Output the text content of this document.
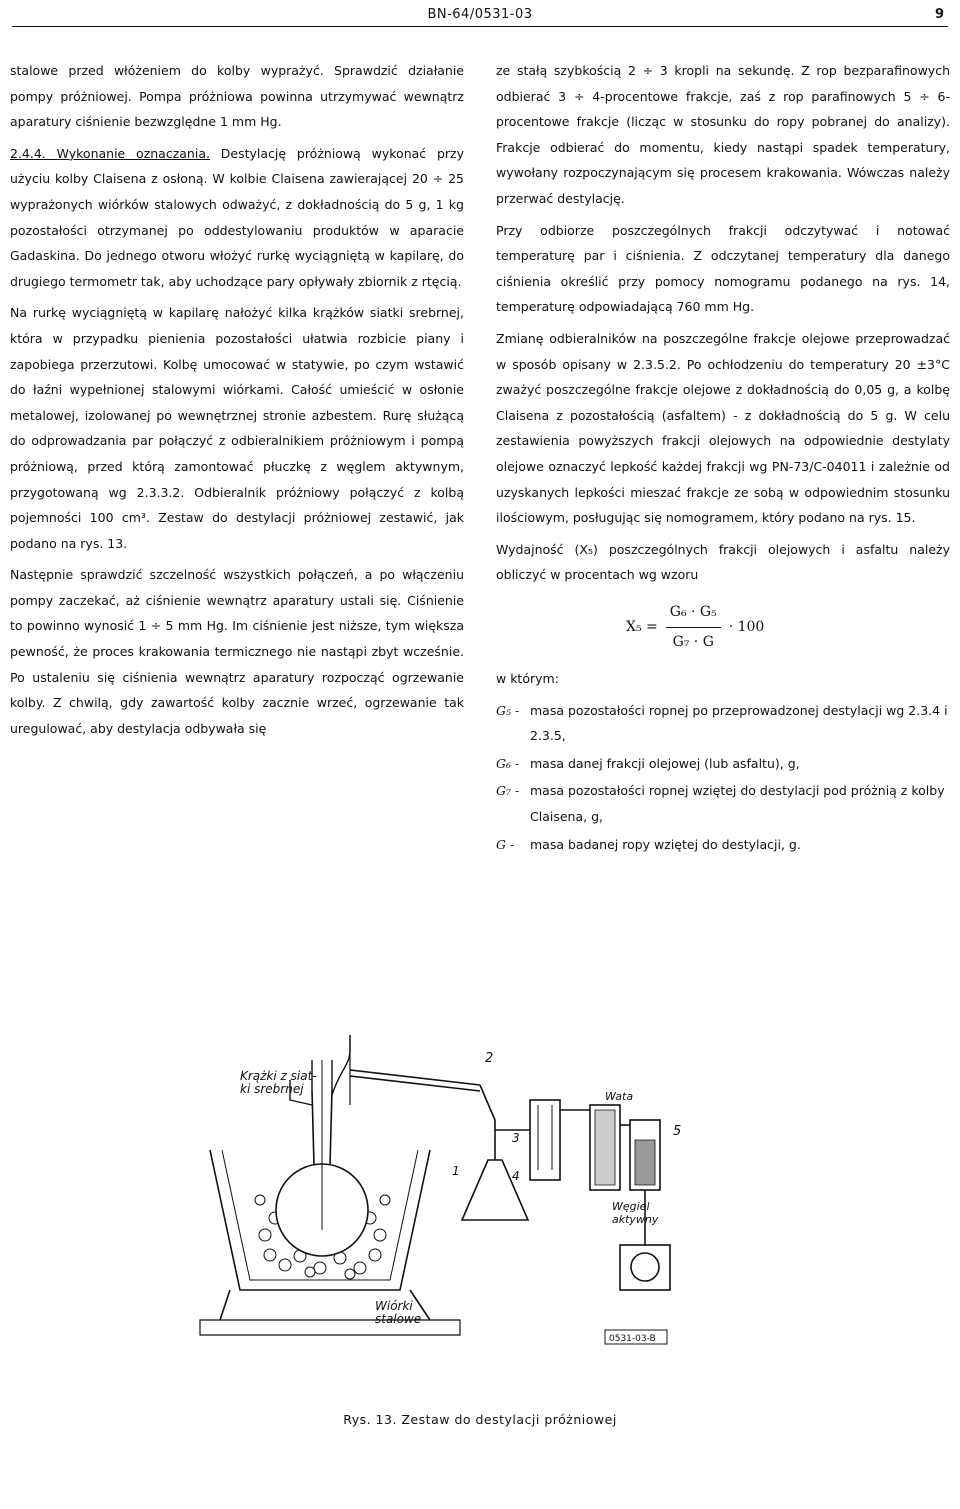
BN-64/0531-03	9

stalowe przed włóżeniem do kolby wyprażyć. Sprawdzić działanie pompy próżniowej. Pompa próżniowa powinna utrzymywać wewnątrz aparatury ciśnienie bezwzględne 1 mm Hg.

2.4.4. Wykonanie oznaczania. Destylację próżniową wykonać przy użyciu kolby Claisena z osłoną. W kolbie Claisena zawierającej 20 ÷ 25 wyprażonych wiórków stalowych odważyć, z dokładnością do 5 g, 1 kg pozostałości otrzymanej po oddestylowaniu produktów w aparacie Gadaskina. Do jednego otworu włożyć rurkę wyciągniętą w kapilarę, do drugiego termometr tak, aby uchodzące pary opływały zbiornik z rtęcią.

Na rurkę wyciągniętą w kapilarę nałożyć kilka krążków siatki srebrnej, która w przypadku pienienia pozostałości ułatwia rozbicie piany i zapobiega przerzutowi. Kolbę umocować w statywie, po czym wstawić do łaźni wypełnionej stalowymi wiórkami. Całość umieścić w osłonie metalowej, izolowanej po wewnętrznej stronie azbestem. Rurę służącą do odprowadzania par połączyć z odbieralnikiem próżniowym i pompą próżniową, przed którą zamontować płuczkę z węglem aktywnym, przygotowaną wg 2.3.3.2. Odbieralnik próżniowy połączyć z kolbą pojemności 100 cm³. Zestaw do destylacji próżniowej zestawić, jak podano na rys. 13.

Następnie sprawdzić szczelność wszystkich połączeń, a po włączeniu pompy zaczekać, aż ciśnienie wewnątrz aparatury ustali się. Ciśnienie to powinno wynosić 1 ÷ 5 mm Hg. Im ciśnienie jest niższe, tym większa pewność, że proces krakowania termicznego nie nastąpi zbyt wcześnie. Po ustaleniu się ciśnienia wewnątrz aparatury rozpocząć ogrzewanie kolby. Z chwilą, gdy zawartość kolby zacznie wrzeć, ogrzewanie tak uregulować, aby destylacja odbywała się

ze stałą szybkością 2 ÷ 3 kropli na sekundę. Z rop bezparafinowych odbierać 3 ÷ 4-procentowe frakcje, zaś z rop parafinowych 5 ÷ 6-procentowe frakcje (licząc w stosunku do ropy pobranej do analizy). Frakcje odbierać do momentu, kiedy nastąpi spadek temperatury, wywołany rozpoczynającym się procesem krakowania. Wówczas należy przerwać destylację.

Przy odbiorze poszczególnych frakcji odczytywać i notować temperaturę par i ciśnienia. Z odczytanej temperatury dla danego ciśnienia określić przy pomocy nomogramu podanego na rys. 14, temperaturę odpowiadającą 760 mm Hg.

Zmianę odbieralników na poszczególne frakcje olejowe przeprowadzać w sposób opisany w 2.3.5.2. Po ochłodzeniu do temperatury 20 ±3°C zważyć poszczególne frakcje olejowe z dokładnością do 0,05 g, a kolbę Claisena z pozostałością (asfaltem) - z dokładnością do 5 g. W celu zestawienia powyższych frakcji olejowych na odpowiednie destylaty olejowe oznaczyć lepkość każdej frakcji wg PN-73/C-04011 i zależnie od uzyskanych lepkości mieszać frakcje ze sobą w odpowiednim stosunku ilościowym, posługując się nomogramem, który podano na rys. 15.

Wydajność (X₅) poszczególnych frakcji olejowych i asfaltu należy obliczyć w procentach wg wzoru

$X_5 = \frac{\text{G₆ · G₅}}{\text{G₇ · G}} \cdot 100$

w którym:

G₅ - masa pozostałości ropnej po przeprowadzonej destylacji wg 2.3.4 i 2.3.5,
G₆ - masa danej frakcji olejowej (lub asfaltu), g,
G₇ - masa pozostałości ropnej wziętej do destylacji pod próżnią z kolby Claisena, g,
G -	masa badanej ropy wziętej do destylacji, g.
Krążki z siat-
ki srebrnej
Wiórki
stalowe
Wata
Węgiel
aktywny
1
2
3
4
5
0531-03-B
Rys. 13. Zestaw do destylacji próżniowej
